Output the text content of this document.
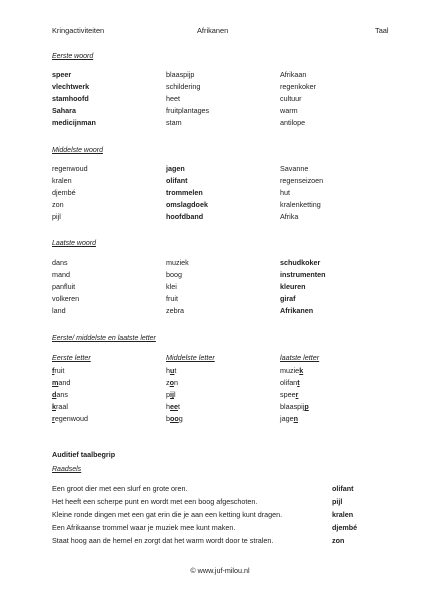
Kringactiviteiten	Afrikanen	Taal
Eerste woord
speer	blaaspijp	Afrikaan
vlechtwerk	schildering	regenkoker
stamhoofd	heet	cultuur
Sahara	fruitplantages	warm
medicijnman	stam	antilope
Middelste woord
regenwoud	jagen	Savanne
kralen	olifant	regenseizoen
djembé	trommelen	hut
zon	omslagdoek	kralenketting
pijl	hoofdband	Afrika
Laatste woord
dans	muziek	schudkoker
mand	boog	instrumenten
panfluit	klei	kleuren
volkeren	fruit	giraf
land	zebra	Afrikanen
Eerste/ middelste en laatste letter
Eerste letter	Middelste letter	laatste letter
fruit	hut	muziek
mand	zon	olifant
dans	pijl	speer
kraal	heet	blaaspijp
regenwoud	boog	jagen
Auditief taalbegrip
Raadsels
Een groot dier met een slurf en grote oren.	olifant
Het heeft een scherpe punt en wordt met een boog afgeschoten.	pijl
Kleine ronde dingen met een gat erin die je aan een ketting kunt dragen.	kralen
Een Afrikaanse trommel waar je muziek mee kunt maken.	djembé
Staat hoog aan de hemel en zorgt dat het warm wordt door te stralen.	zon
© www.juf-milou.nl
